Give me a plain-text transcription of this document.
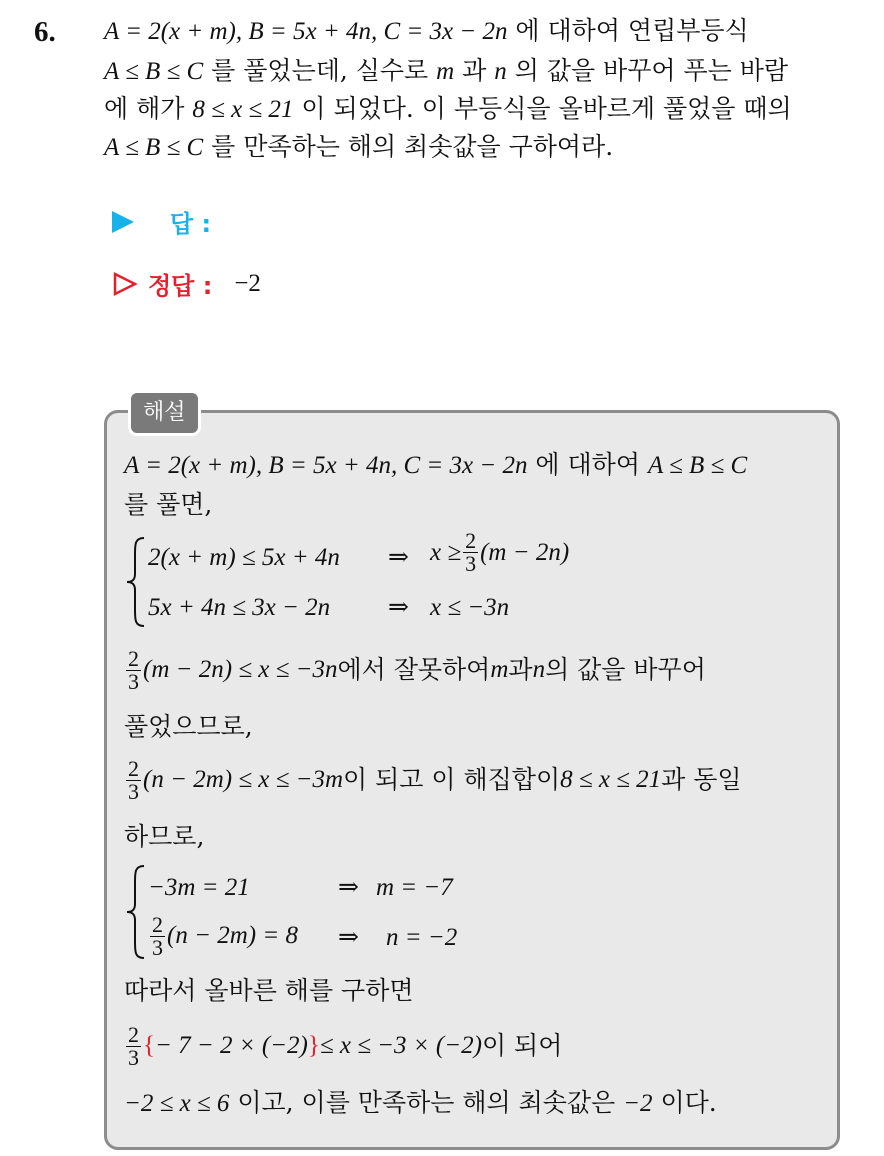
6. A = 2(x + m), B = 5x + 4n, C = 3x − 2n 에 대하여 연립부등식
A ≤ B ≤ C 를 풀었는데, 실수로 m 과 n 의 값을 바꾸어 푸는 바람
에 해가 8 ≤ x ≤ 21 이 되었다. 이 부등식을 올바르게 풀었을 때의
A ≤ B ≤ C 를 만족하는 해의 최솟값을 구하여라.
답 :
정답 : −2
해설
A = 2(x + m), B = 5x + 4n, C = 3x − 2n 에 대하여 A ≤ B ≤ C
를 풀면,
2(x + m) ≤ 5x + 4n ⇒ $x \ge \frac{2}{3} (m - 2n)$
5x + 4n ≤ 3x − 2n ⇒ x ≤ −3n
$\frac{2}{3} (m - 2n) \le x \le -3n$ 에서 잘못하여 m 과 n 의 값을 바꾸어
풀었으므로,
$\frac{2}{3} (n - 2m) \le x \le -3m$ 이 되고 이 해집합이 8 ≤ x ≤ 21 과 동일
하므로,
−3m = 21	⇒ m = −7
$\frac{2}{3} (n - 2m) = 8$ ⇒ n = −2
따라서 올바른 해를 구하면
$\frac{2}{3}$ { − 7 − 2 × (−2) } ≤ x ≤ −3 × (−2) 이 되어
−2 ≤ x ≤ 6 이고, 이를 만족하는 해의 최솟값은 −2 이다.
